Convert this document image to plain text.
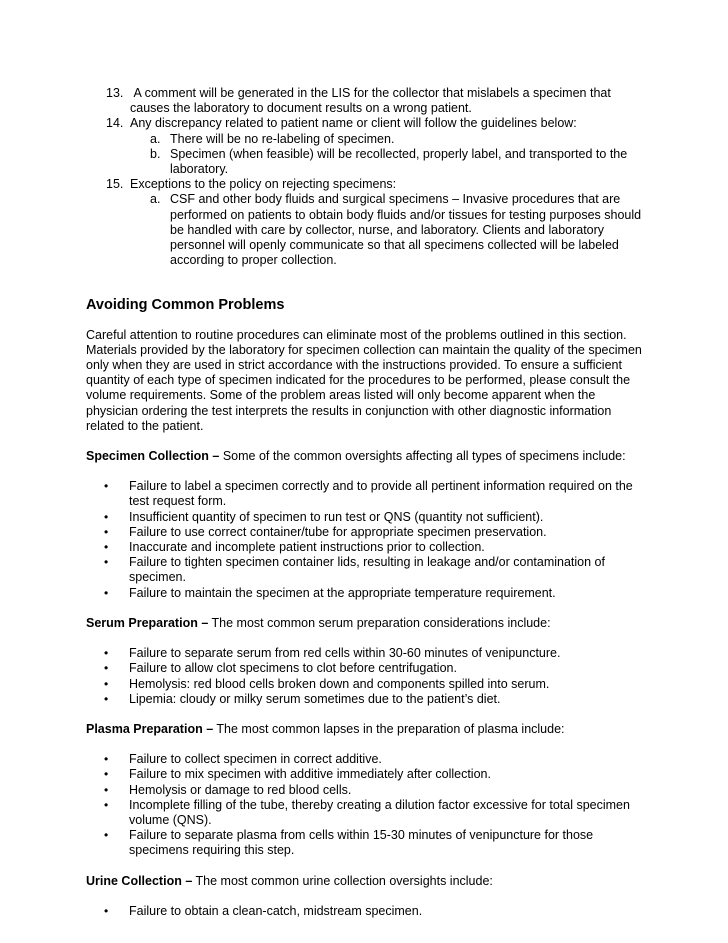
13. A comment will be generated in the LIS for the collector that mislabels a specimen that causes the laboratory to document results on a wrong patient.
14. Any discrepancy related to patient name or client will follow the guidelines below:
a. There will be no re-labeling of specimen.
b. Specimen (when feasible) will be recollected, properly label, and transported to the laboratory.
15. Exceptions to the policy on rejecting specimens:
a. CSF and other body fluids and surgical specimens – Invasive procedures that are performed on patients to obtain body fluids and/or tissues for testing purposes should be handled with care by collector, nurse, and laboratory. Clients and laboratory personnel will openly communicate so that all specimens collected will be labeled according to proper collection.
Avoiding Common Problems

Careful attention to routine procedures can eliminate most of the problems outlined in this section. Materials provided by the laboratory for specimen collection can maintain the quality of the specimen only when they are used in strict accordance with the instructions provided. To ensure a sufficient quantity of each type of specimen indicated for the procedures to be performed, please consult the volume requirements. Some of the problem areas listed will only become apparent when the physician ordering the test interprets the results in conjunction with other diagnostic information related to the patient.

Specimen Collection – Some of the common oversights affecting all types of specimens include:

•	Failure to label a specimen correctly and to provide all pertinent information required on the test request form.
•	Insufficient quantity of specimen to run test or QNS (quantity not sufficient).
•	Failure to use correct container/tube for appropriate specimen preservation.
•	Inaccurate and incomplete patient instructions prior to collection.
•	Failure to tighten specimen container lids, resulting in leakage and/or contamination of specimen.
•	Failure to maintain the specimen at the appropriate temperature requirement.

Serum Preparation – The most common serum preparation considerations include:

•	Failure to separate serum from red cells within 30-60 minutes of venipuncture.
•	Failure to allow clot specimens to clot before centrifugation.
•	Hemolysis: red blood cells broken down and components spilled into serum.
•	Lipemia: cloudy or milky serum sometimes due to the patient’s diet.

Plasma Preparation – The most common lapses in the preparation of plasma include:

•	Failure to collect specimen in correct additive.
•	Failure to mix specimen with additive immediately after collection.
•	Hemolysis or damage to red blood cells.
•	Incomplete filling of the tube, thereby creating a dilution factor excessive for total specimen volume (QNS).
•	Failure to separate plasma from cells within 15-30 minutes of venipuncture for those specimens requiring this step.

Urine Collection – The most common urine collection oversights include:

•	Failure to obtain a clean-catch, midstream specimen.
